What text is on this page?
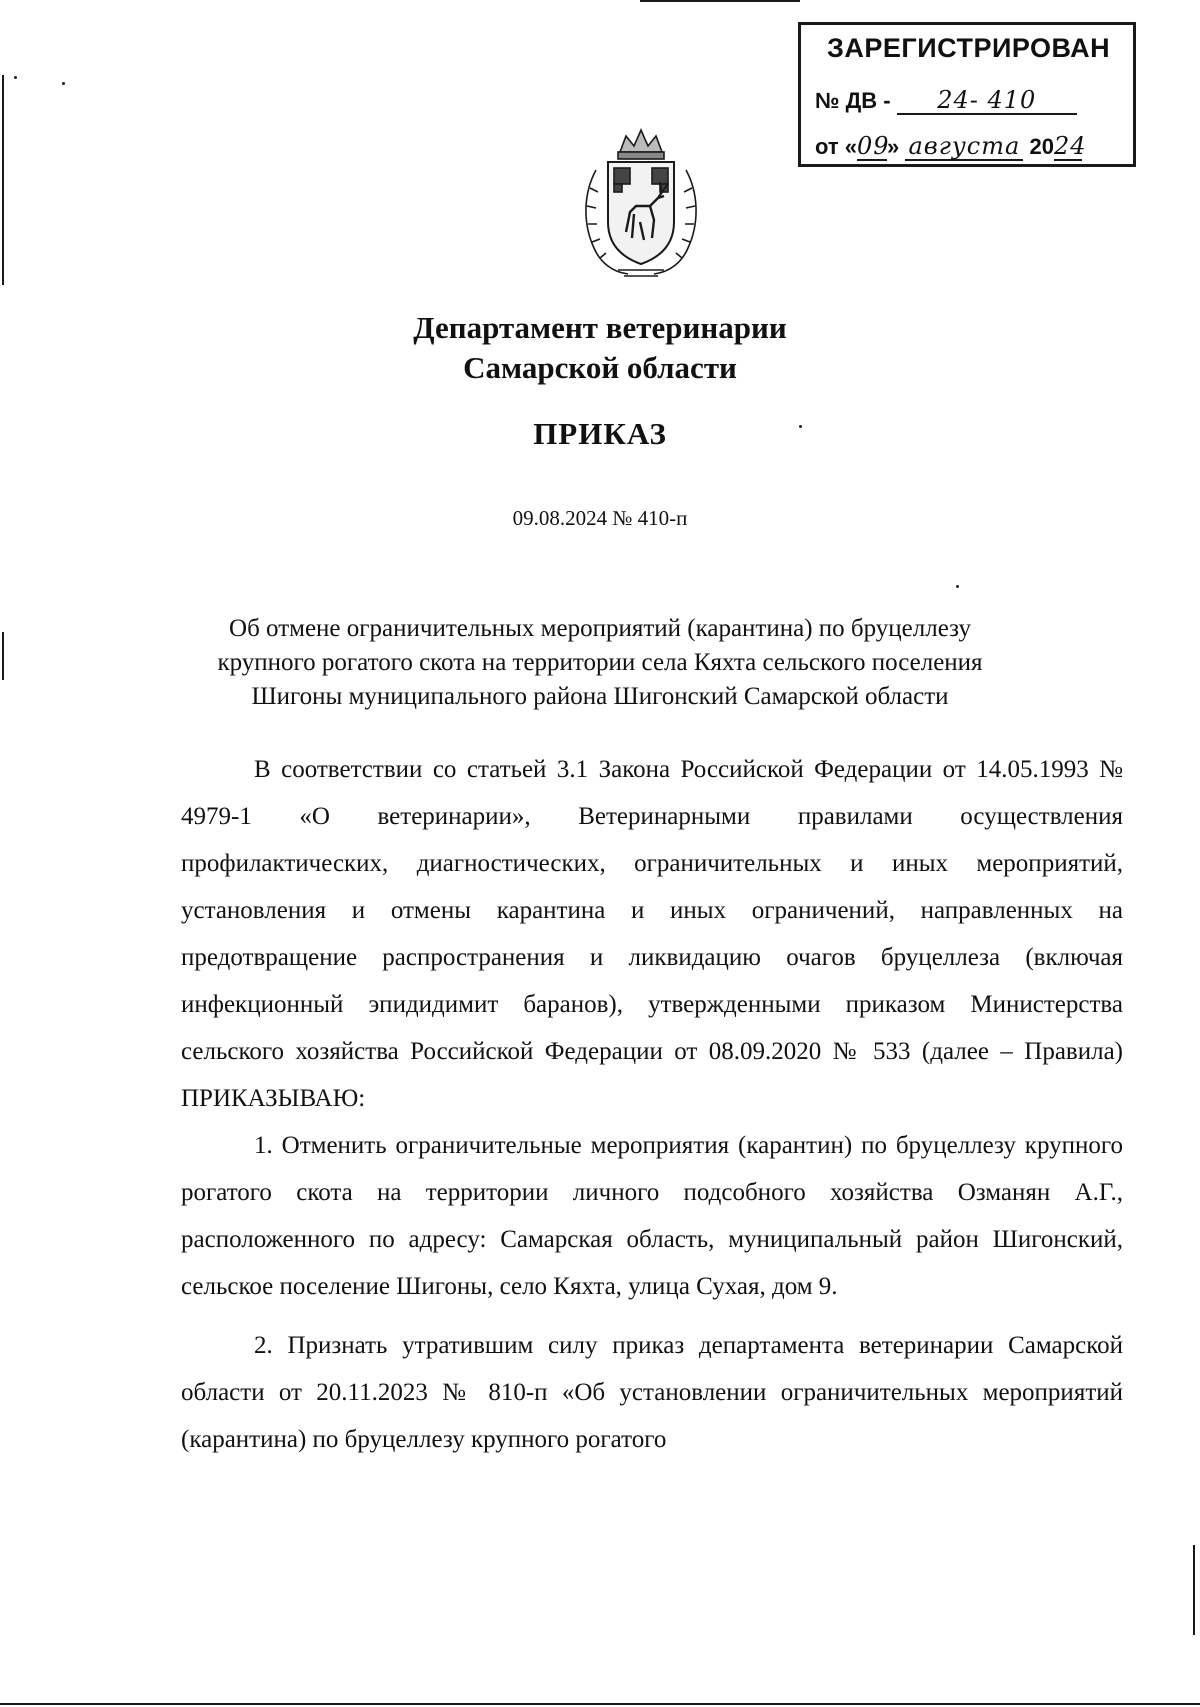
ЗАРЕГИСТРИРОВАН
№ ДВ - 24- 410
от «09» августа 2024
Департамент ветеринарии
Самарской области
ПРИКАЗ
09.08.2024 № 410-п
Об отмене ограничительных мероприятий (карантина) по бруцеллезу
крупного рогатого скота на территории села Кяхта сельского поселения
Шигоны муниципального района Шигонский Самарской области

В соответствии со статьей 3.1 Закона Российской Федерации от 14.05.1993 № 4979-1 «О ветеринарии», Ветеринарными правилами осуществления профилактических, диагностических, ограничительных и иных мероприятий, установления и отмены карантина и иных ограничений, направленных на предотвращение распространения и ликвидацию очагов бруцеллеза (включая инфекционный эпидидимит баранов), утвержденными приказом Министерства сельского хозяйства Российской Федерации от 08.09.2020 № 533 (далее – Правила) ПРИКАЗЫВАЮ:

1. Отменить ограничительные мероприятия (карантин) по бруцеллезу крупного рогатого скота на территории личного подсобного хозяйства Озманян А.Г., расположенного по адресу: Самарская область, муниципальный район Шигонский, сельское поселение Шигоны, село Кяхта, улица Сухая, дом 9.

2. Признать утратившим силу приказ департамента ветеринарии Самарской области от 20.11.2023 № 810-п «Об установлении ограничительных мероприятий (карантина) по бруцеллезу крупного рогатого
